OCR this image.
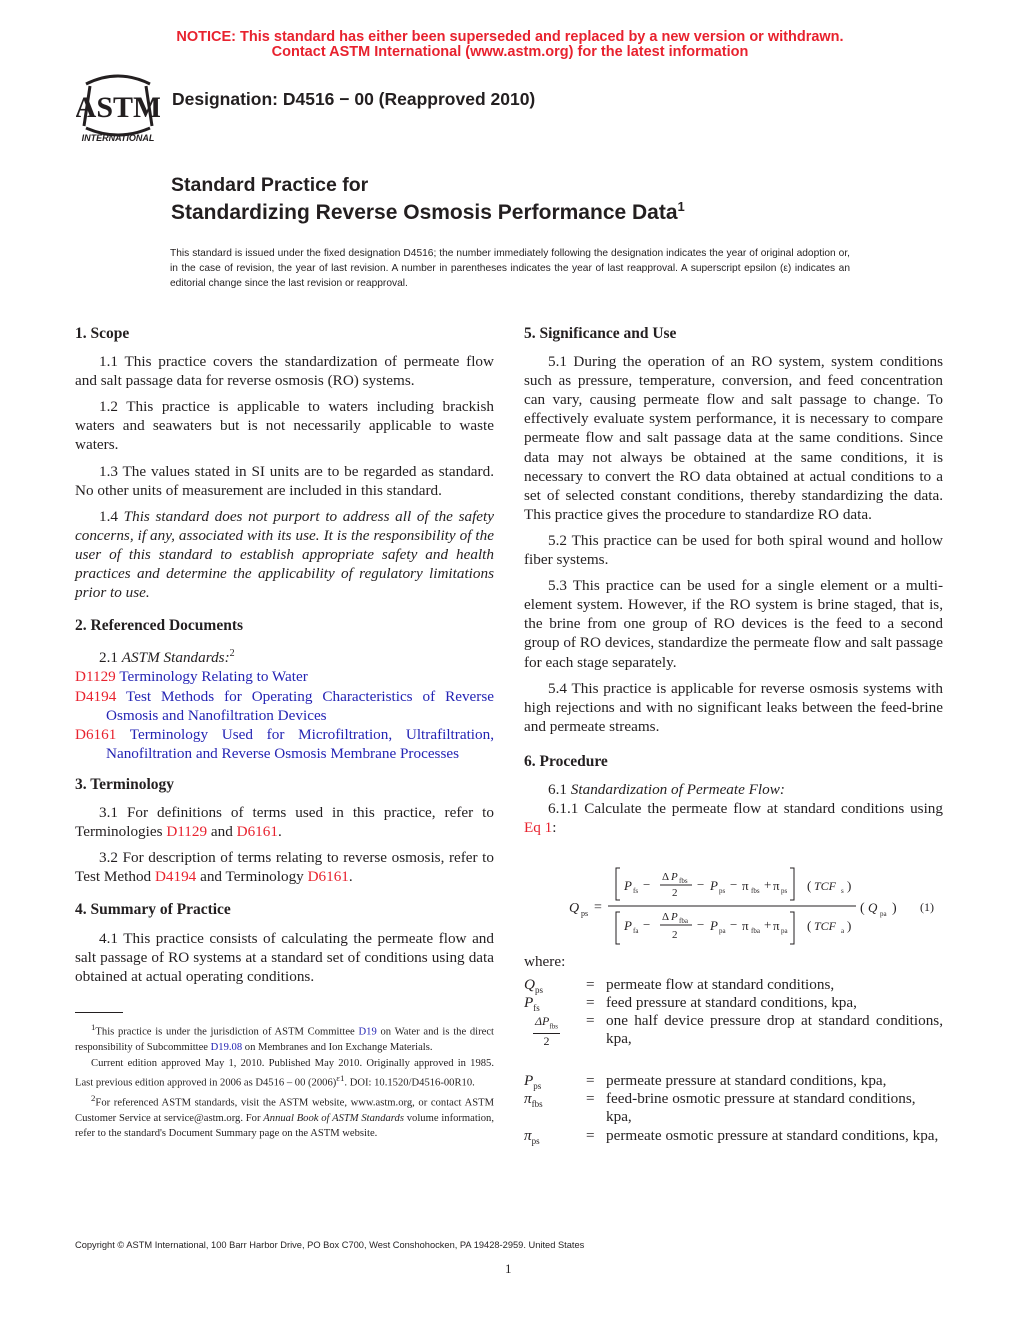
NOTICE: This standard has either been superseded and replaced by a new version or withdrawn.
Contact ASTM International (www.astm.org) for the latest information
ASTM
INTERNATIONAL
Designation: D4516 − 00 (Reapproved 2010)
Standard Practice for
Standardizing Reverse Osmosis Performance Data$^1$
This standard is issued under the fixed designation D4516; the number immediately following the designation indicates the year of original adoption or, in the case of revision, the year of last revision. A number in parentheses indicates the year of last reapproval. A superscript epsilon (ε) indicates an editorial change since the last revision or reapproval.

1. Scope

1.1 This practice covers the standardization of permeate flow and salt passage data for reverse osmosis (RO) systems.

1.2 This practice is applicable to waters including brackish waters and seawaters but is not necessarily applicable to waste waters.

1.3 The values stated in SI units are to be regarded as standard. No other units of measurement are included in this standard.

1.4 This standard does not purport to address all of the safety concerns, if any, associated with its use. It is the responsibility of the user of this standard to establish appropriate safety and health practices and determine the applicability of regulatory limitations prior to use.

2. Referenced Documents

2.1 ASTM Standards:$^2$

D1129 Terminology Relating to Water

D4194 Test Methods for Operating Characteristics of Reverse Osmosis and Nanofiltration Devices

D6161 Terminology Used for Microfiltration, Ultrafiltration, Nanofiltration and Reverse Osmosis Membrane Processes

3. Terminology

3.1 For definitions of terms used in this practice, refer to Terminologies D1129 and D6161.

3.2 For description of terms relating to reverse osmosis, refer to Test Method D4194 and Terminology D6161.

4. Summary of Practice

4.1 This practice consists of calculating the permeate flow and salt passage of RO systems at a standard set of conditions using data obtained at actual operating conditions.

$^1$This practice is under the jurisdiction of ASTM Committee D19 on Water and is the direct responsibility of Subcommittee D19.08 on Membranes and Ion Exchange Materials.

Current edition approved May 1, 2010. Published May 2010. Originally approved in 1985. Last previous edition approved in 2006 as D4516 – 00 $(2006)^{\varepsilon 1}$. DOI: 10.1520/D4516-00R10.

$^2$For referenced ASTM standards, visit the ASTM website, www.astm.org, or contact ASTM Customer Service at service@astm.org. For Annual Book of ASTM Standards volume information, refer to the standard's Document Summary page on the ASTM website.

5. Significance and Use

5.1 During the operation of an RO system, system conditions such as pressure, temperature, conversion, and feed concentration can vary, causing permeate flow and salt passage to change. To effectively evaluate system performance, it is necessary to compare permeate flow and salt passage data at the same conditions. Since data may not always be obtained at the same conditions, it is necessary to convert the RO data obtained at actual conditions to a set of selected constant conditions, thereby standardizing the data. This practice gives the procedure to standardize RO data.

5.2 This practice can be used for both spiral wound and hollow fiber systems.

5.3 This practice can be used for a single element or a multi-element system. However, if the RO system is brine staged, that is, the brine from one group of RO devices is the feed to a second group of RO devices, standardize the permeate flow and salt passage for each stage separately.

5.4 This practice is applicable for reverse osmosis systems with high rejections and with no significant leaks between the feed-brine and permeate streams.

6. Procedure

6.1 Standardization of Permeate Flow:

6.1.1 Calculate the permeate flow at standard conditions using Eq 1:

Q ps =
P fs − Δ P fbs
2
− P ps − π fbs + π ps ( TCF s )
P fa − Δ P fba
2
− P pa − π fba + π pa ( TCF a )
( Q pa ) (1)
where:
$Q_{ps}$	= permeate flow at standard conditions,
$P_{fs}$	= feed pressure at standard conditions, kpa,
$\Delta P_{fbs}$
2
= one half device pressure drop at standard conditions, kpa,
$P_{ps}$	= permeate pressure at standard conditions, kpa,
$\pi_{fbs}$	= feed-brine osmotic pressure at standard conditions, kpa,
$\pi_{ps}$	= permeate osmotic pressure at standard conditions, kpa,
Copyright © ASTM International, 100 Barr Harbor Drive, PO Box C700, West Conshohocken, PA 19428-2959. United States
1
